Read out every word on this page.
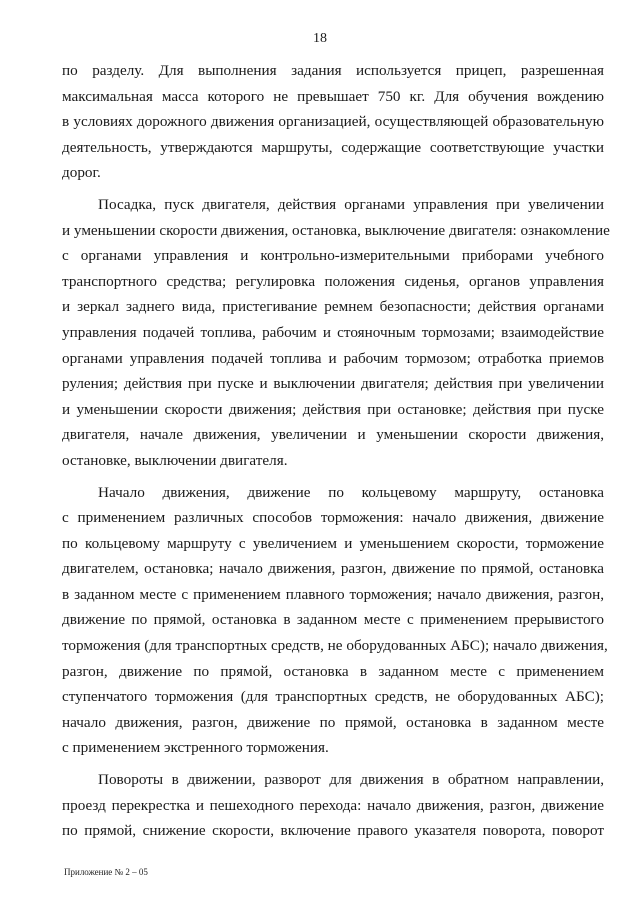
18
по разделу. Для выполнения задания используется прицеп, разрешенная
максимальная масса которого не превышает 750 кг. Для обучения вождению
в условиях дорожного движения организацией, осуществляющей образовательную
деятельность, утверждаются маршруты, содержащие соответствующие участки
дорог.
Посадка, пуск двигателя, действия органами управления при увеличении
и уменьшении скорости движения, остановка, выключение двигателя: ознакомление
с органами управления и контрольно-измерительными приборами учебного
транспортного средства; регулировка положения сиденья, органов управления
и зеркал заднего вида, пристегивание ремнем безопасности; действия органами
управления подачей топлива, рабочим и стояночным тормозами; взаимодействие
органами управления подачей топлива и рабочим тормозом; отработка приемов
руления; действия при пуске и выключении двигателя; действия при увеличении
и уменьшении скорости движения; действия при остановке; действия при пуске
двигателя, начале движения, увеличении и уменьшении скорости движения,
остановке, выключении двигателя.
Начало движения, движение по кольцевому маршруту, остановка
с применением различных способов торможения: начало движения, движение
по кольцевому маршруту с увеличением и уменьшением скорости, торможение
двигателем, остановка; начало движения, разгон, движение по прямой, остановка
в заданном месте с применением плавного торможения; начало движения, разгон,
движение по прямой, остановка в заданном месте с применением прерывистого
торможения (для транспортных средств, не оборудованных АБС); начало движения,
разгон, движение по прямой, остановка в заданном месте с применением
ступенчатого торможения (для транспортных средств, не оборудованных АБС);
начало движения, разгон, движение по прямой, остановка в заданном месте
с применением экстренного торможения.
Повороты в движении, разворот для движения в обратном направлении,
проезд перекрестка и пешеходного перехода: начало движения, разгон, движение
по прямой, снижение скорости, включение правого указателя поворота, поворот
Приложение № 2 – 05
